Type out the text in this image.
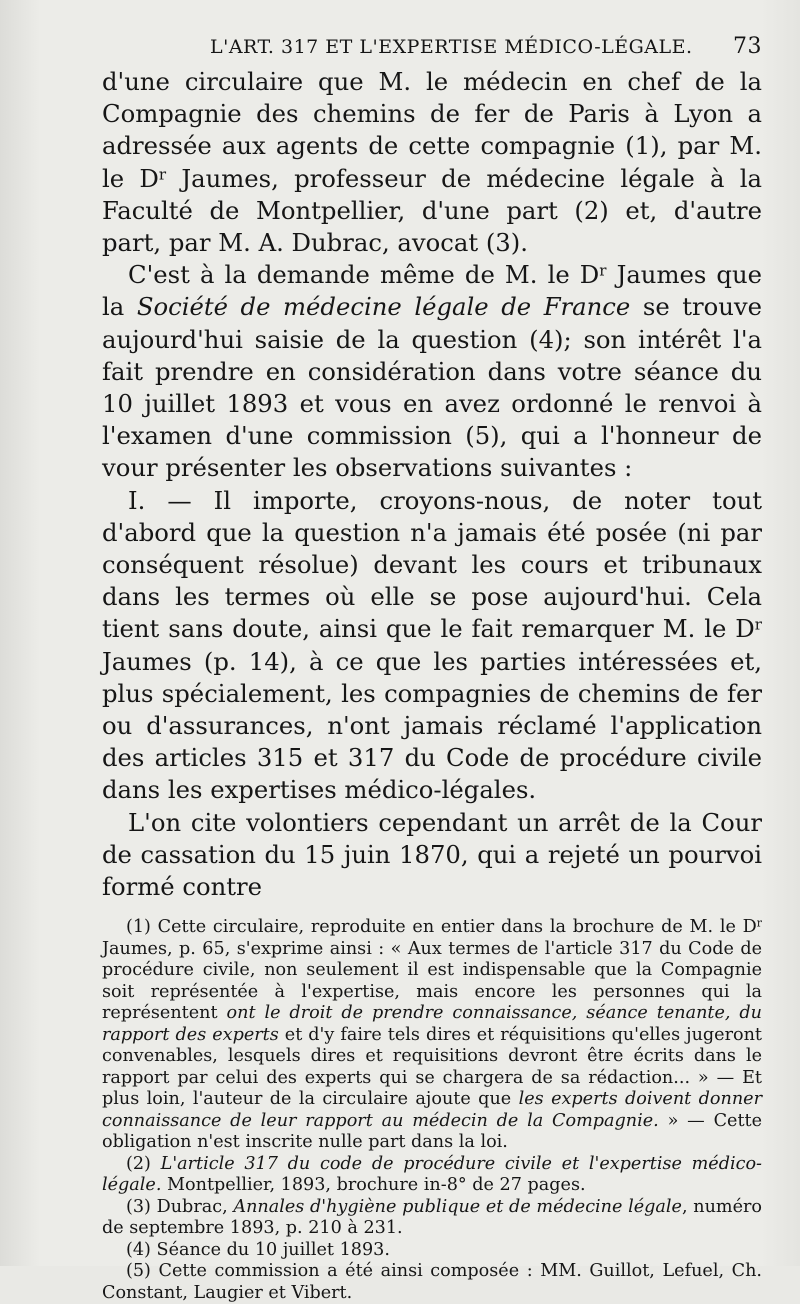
L'ART. 317 ET L'EXPERTISE MÉDICO-LÉGALE. 73

d'une circulaire que M. le médecin en chef de la Compagnie des chemins de fer de Paris à Lyon a adressée aux agents de cette compagnie (1), par M. le $D^r$ Jaumes, professeur de médecine légale à la Faculté de Montpellier, d'une part (2) et, d'autre part, par M. A. Dubrac, avocat (3).

C'est à la demande même de M. le $D^r$ Jaumes que la Société de médecine légale de France se trouve aujourd'hui saisie de la question (4); son intérêt l'a fait prendre en considération dans votre séance du 10 juillet 1893 et vous en avez ordonné le renvoi à l'examen d'une commission (5), qui a l'honneur de vour présenter les observations suivantes :

I. — Il importe, croyons-nous, de noter tout d'abord que la question n'a jamais été posée (ni par conséquent résolue) devant les cours et tribunaux dans les termes où elle se pose aujourd'hui. Cela tient sans doute, ainsi que le fait remarquer M. le $D^r$ Jaumes (p. 14), à ce que les parties intéressées et, plus spécialement, les compagnies de chemins de fer ou d'assurances, n'ont jamais réclamé l'application des articles 315 et 317 du Code de procédure civile dans les expertises médico-légales.

L'on cite volontiers cependant un arrêt de la Cour de cassation du 15 juin 1870, qui a rejeté un pourvoi formé contre

(1) Cette circulaire, reproduite en entier dans la brochure de M. le $D^r$ Jaumes, p. 65, s'exprime ainsi : « Aux termes de l'article 317 du Code de procédure civile, non seulement il est indispensable que la Compagnie soit représentée à l'expertise, mais encore les personnes qui la représentent ont le droit de prendre connaissance, séance tenante, du rapport des experts et d'y faire tels dires et réquisitions qu'elles jugeront convenables, lesquels dires et requisitions devront être écrits dans le rapport par celui des experts qui se chargera de sa rédaction... » — Et plus loin, l'auteur de la circulaire ajoute que les experts doivent donner connaissance de leur rapport au médecin de la Compagnie. » — Cette obligation n'est inscrite nulle part dans la loi.

(2) L'article 317 du code de procédure civile et l'expertise médico-légale. Montpellier, 1893, brochure in-8° de 27 pages.

(3) Dubrac, Annales d'hygiène publique et de médecine légale, numéro de septembre 1893, p. 210 à 231.

(4) Séance du 10 juillet 1893.

(5) Cette commission a été ainsi composée : MM. Guillot, Lefuel, Ch. Constant, Laugier et Vibert.
